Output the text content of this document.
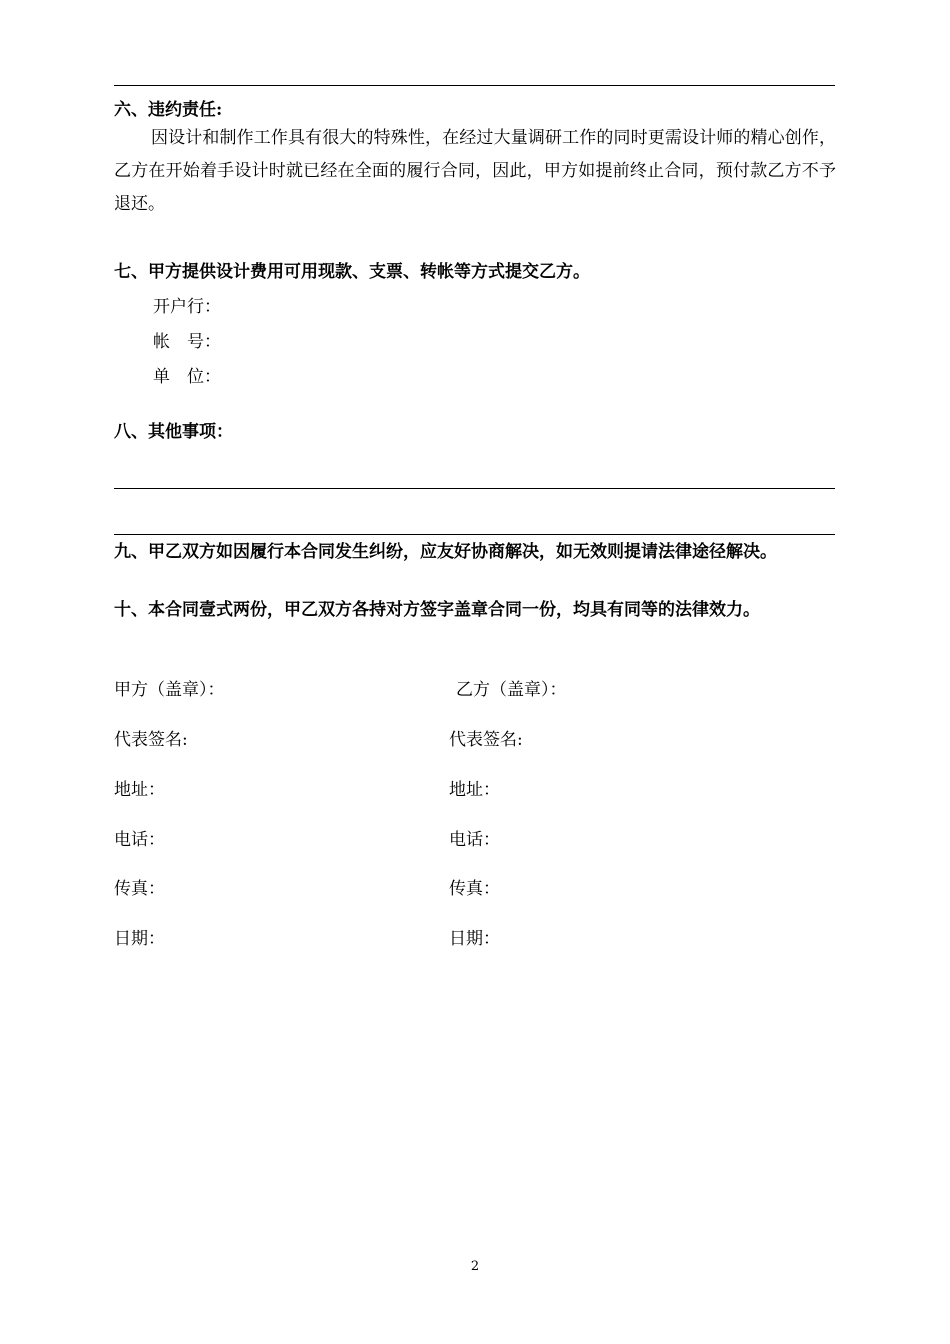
六、违约责任:
因设计和制作工作具有很大的特殊性，在经过大量调研工作的同时更需设计师的精心创作，乙方在开始着手设计时就已经在全面的履行合同，因此，甲方如提前终止合同，预付款乙方不予退还。
七、甲方提供设计费用可用现款、支票、转帐等方式提交乙方。
开户行：
帐　号：
单　位：
八、其他事项：
九、甲乙双方如因履行本合同发生纠纷，应友好协商解决，如无效则提请法律途径解决。
十、本合同壹式两份，甲乙双方各持对方签字盖章合同一份，均具有同等的法律效力。
甲方（盖章）：
代表签名:
地址：
电话：
传真：
日期：
乙方（盖章）：
代表签名:
地址：
电话：
传真：
日期：
2
